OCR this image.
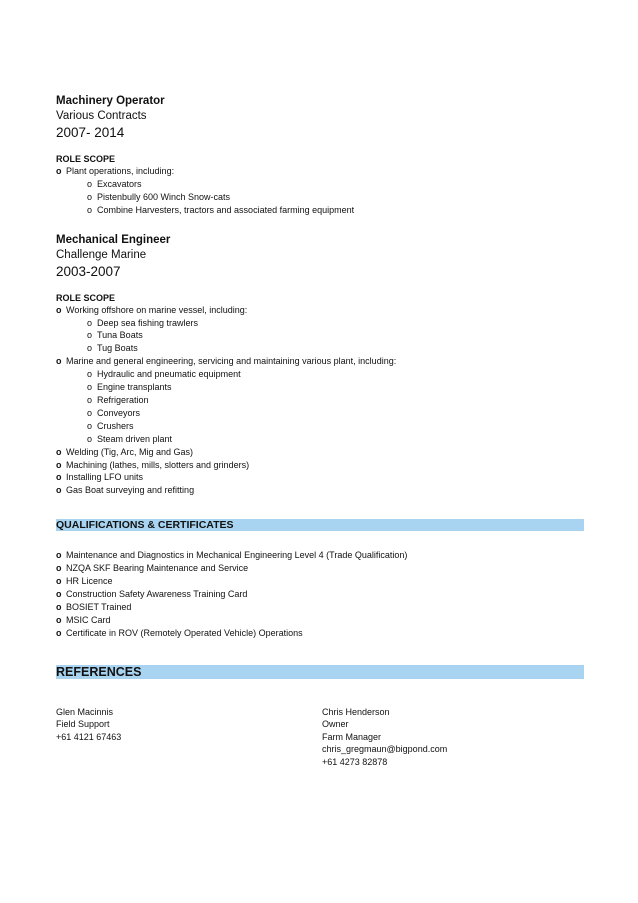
Machinery Operator
Various Contracts
2007- 2014
ROLE SCOPE
o Plant operations, including:
o Excavators
o Pistenbully 600 Winch Snow-cats
o Combine Harvesters, tractors and associated farming equipment
Mechanical Engineer
Challenge Marine
2003-2007
ROLE SCOPE
o Working offshore on marine vessel, including:
o Deep sea fishing trawlers
o Tuna Boats
o Tug Boats
o Marine and general engineering, servicing and maintaining various plant, including:
o Hydraulic and pneumatic equipment
o Engine transplants
o Refrigeration
o Conveyors
o Crushers
o Steam driven plant
o Welding (Tig, Arc, Mig and Gas)
o Machining (lathes, mills, slotters and grinders)
o Installing LFO units
o Gas Boat surveying and refitting
QUALIFICATIONS & CERTIFICATES
o Maintenance and Diagnostics in Mechanical Engineering Level 4 (Trade Qualification)
o NZQA SKF Bearing Maintenance and Service
o HR Licence
o Construction Safety Awareness Training Card
o BOSIET Trained
o MSIC Card
o Certificate in ROV (Remotely Operated Vehicle) Operations
REFERENCES
Glen Macinnis
Field Support
+61 4121 67463
Chris Henderson
Owner
Farm Manager
chris_gregmaun@bigpond.com
+61 4273 82878
